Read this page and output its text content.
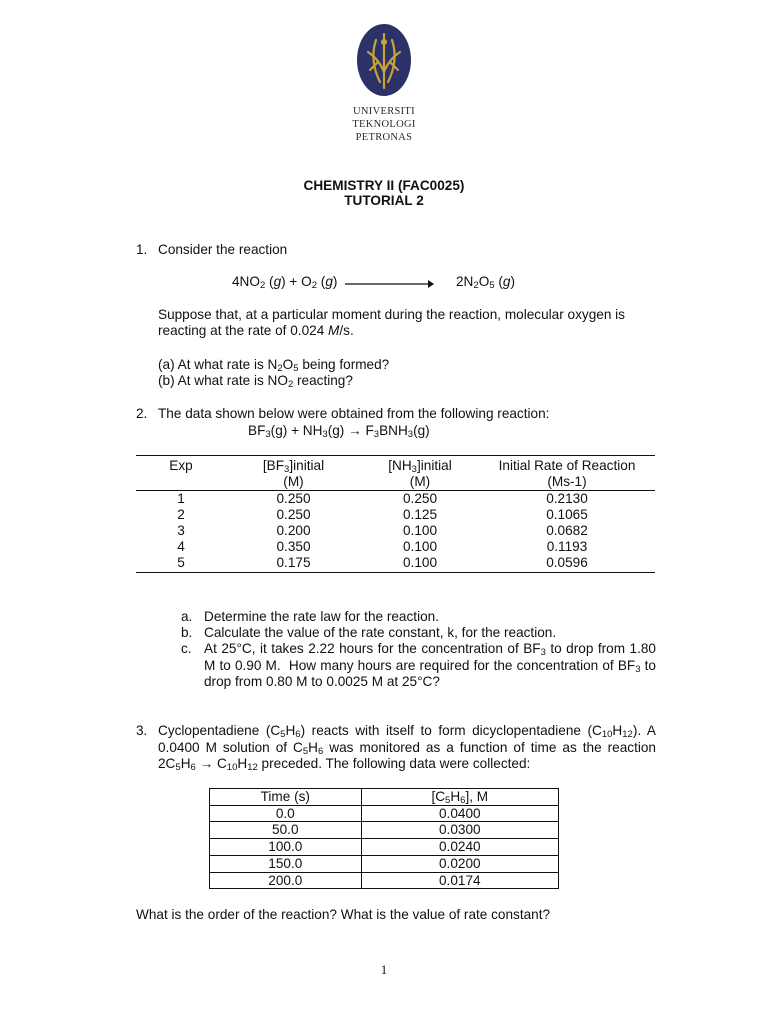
UNIVERSITI
TEKNOLOGI
PETRONAS
CHEMISTRY II (FAC0025)
TUTORIAL 2
1. Consider the reaction
$4NO_2$ $(g) + O_2$ (g)	$2N_2O_5$ (g)
Suppose that, at a particular moment during the reaction, molecular oxygen is
reacting at the rate of 0.024 M/s.
(a) At what rate is $N_2O_5$ being formed?
(b) At what rate is $NO_2$ reacting?
2. The data shown below were obtained from the following reaction:
$BF_3(g) + NH_3(g) \to F_3BNH_3(g)$
Exp	$[BF_3]initial$	$[NH_3]initial$	Initial Rate of Reaction
	(M)	(M)	(Ms-1)
1	0.250	0.250	0.2130
2	0.250	0.125	0.1065
3	0.200	0.100	0.0682
4	0.350	0.100	0.1193
5	0.175	0.100	0.0596
a. Determine the rate law for the reaction.
b. Calculate the value of the rate constant, k, for the reaction.
c. At 25°C, it takes 2.22 hours for the concentration of $BF_3$ to drop from 1.80 M to 0.90 M.  How many hours are required for the concentration of $BF_3$ to drop from 0.80 M to 0.0025 M at 25°C?
3. Cyclopentadiene $(C_5H_6)$ reacts with itself to form dicyclopentadiene $(C_{10}H_{12})$. A 0.0400 M solution of $C_5H_6$ was monitored as a function of time as the reaction $2C_5H_6 \to C_{10}H_{12}$ preceded. The following data were collected:
Time (s)	$[C_5H_6]$, M
0.0	0.0400
50.0	0.0300
100.0	0.0240
150.0	0.0200
200.0	0.0174
What is the order of the reaction? What is the value of rate constant?
1
